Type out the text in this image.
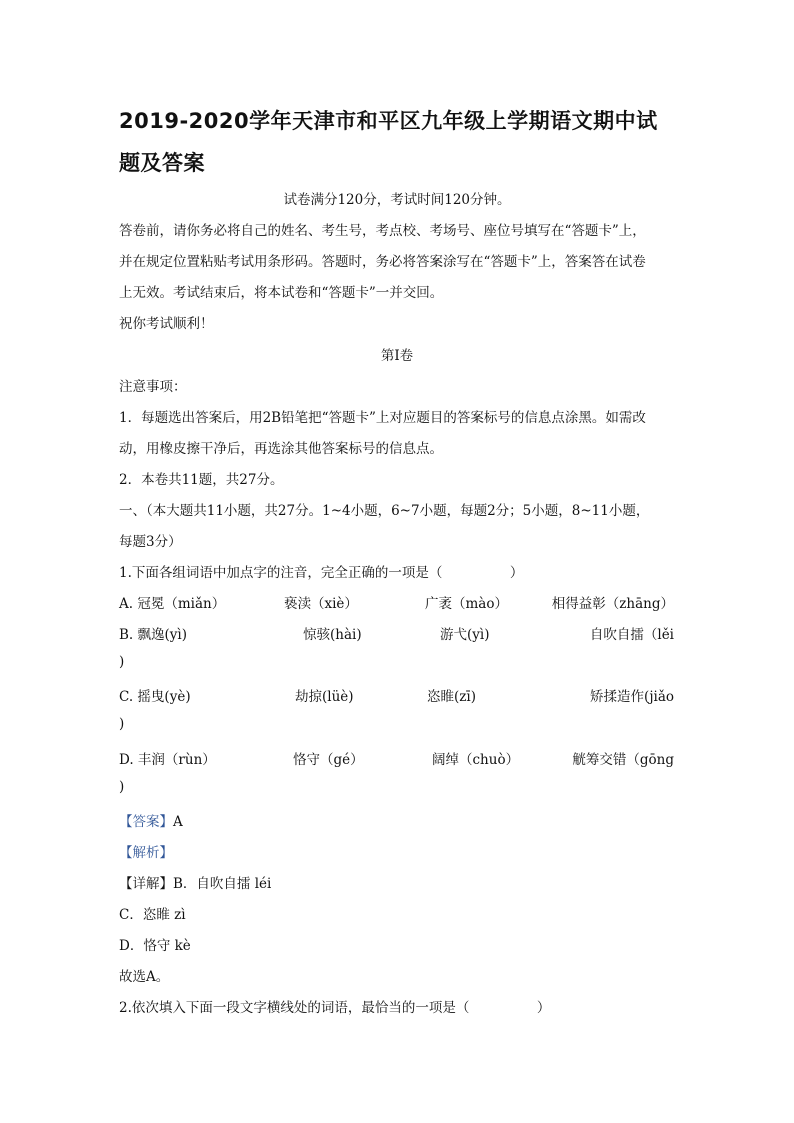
2019-2020学年天津市和平区九年级上学期语文期中试题及答案
试卷满分120分，考试时间120分钟。
答卷前，请你务必将自己的姓名、考生号，考点校、考场号、座位号填写在“答题卡”上，
并在规定位置粘贴考试用条形码。答题时，务必将答案涂写在“答题卡”上，答案答在试卷
上无效。考试结束后，将本试卷和“答题卡”一并交回。
祝你考试顺利！
第Ⅰ卷
注意事项：
1．每题选出答案后，用2B铅笔把“答题卡”上对应题目的答案标号的信息点涂黑。如需改
动，用橡皮擦干净后，再选涂其他答案标号的信息点。
2．本卷共11题，共27分。
一、（本大题共11小题，共27分。1~4小题，6~7小题，每题2分；5小题，8~11小题，
每题3分）
1.下面各组词语中加点字的注音，完全正确的一项是（　　　　　）
A. 冠冕（miǎn）	亵渎（xiè）	广袤（mào）	相得益彰（zhāng）
B. 飘逸(yì)	惊骇(hài)	游弋(yì)	自吹自擂（lěi
)
C. 摇曳(yè)	劫掠(lüè)	恣睢(zī)	矫揉造作(jiǎo
)
D. 丰润（rùn）	恪守（gé）	阔绰（chuò）	觥筹交错（gōng
)
【答案】A
【解析】
【详解】B．自吹自擂 léi
C．恣睢 zì
D．恪守 kè
故选A。
2.依次填入下面一段文字横线处的词语，最恰当的一项是（　　　　　）
